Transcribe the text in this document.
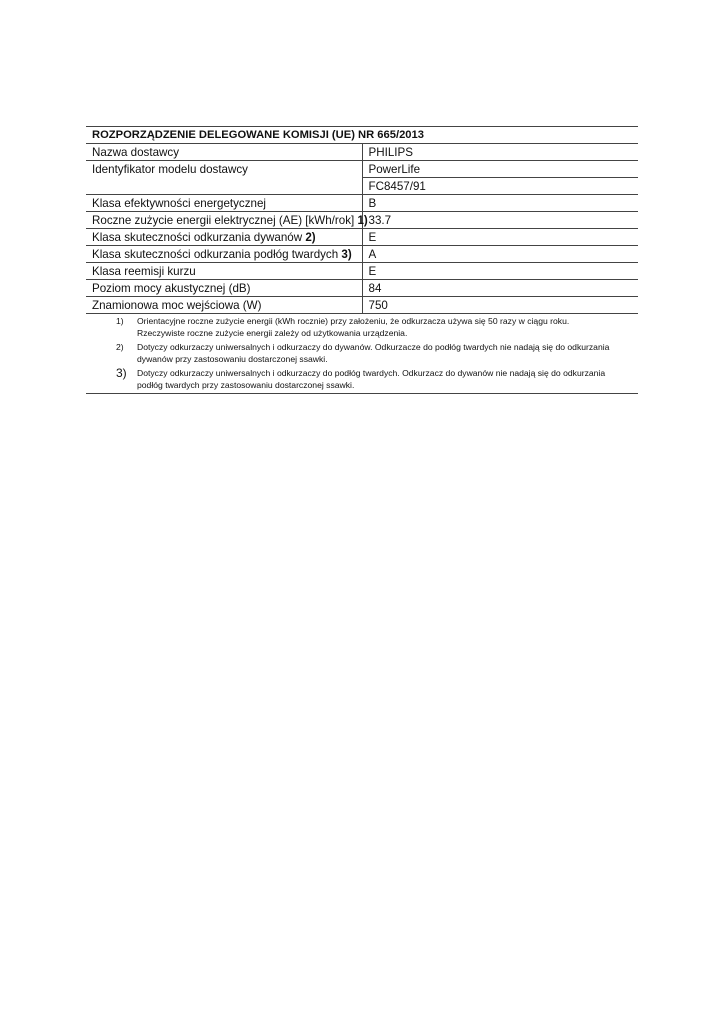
ROZPORZĄDZENIE DELEGOWANE KOMISJI (UE) NR 665/2013	
Nazwa dostawcy	PHILIPS
Identyfikator modelu dostawcy	PowerLife
	FC8457/91
Klasa efektywności energetycznej	B
Roczne zużycie energii elektrycznej (AE) [kWh/rok] 1)	33.7
Klasa skuteczności odkurzania dywanów 2)	E
Klasa skuteczności odkurzania podłóg twardych 3)	A
Klasa reemisji kurzu	E
Poziom mocy akustycznej (dB)	84
Znamionowa moc wejściowa (W)	750
1)	Orientacyjne roczne zużycie energii (kWh rocznie) przy założeniu, że odkurzacza używa się 50 razy w ciągu roku. Rzeczywiste roczne zużycie energii zależy od użytkowania urządzenia.
2)	Dotyczy odkurzaczy uniwersalnych i odkurzaczy do dywanów. Odkurzacze do podłóg twardych nie nadają się do odkurzania dywanów przy zastosowaniu dostarczonej ssawki.
3)	Dotyczy odkurzaczy uniwersalnych i odkurzaczy do podłóg twardych. Odkurzacz do dywanów nie nadają się do odkurzania podłóg twardych przy zastosowaniu dostarczonej ssawki.
